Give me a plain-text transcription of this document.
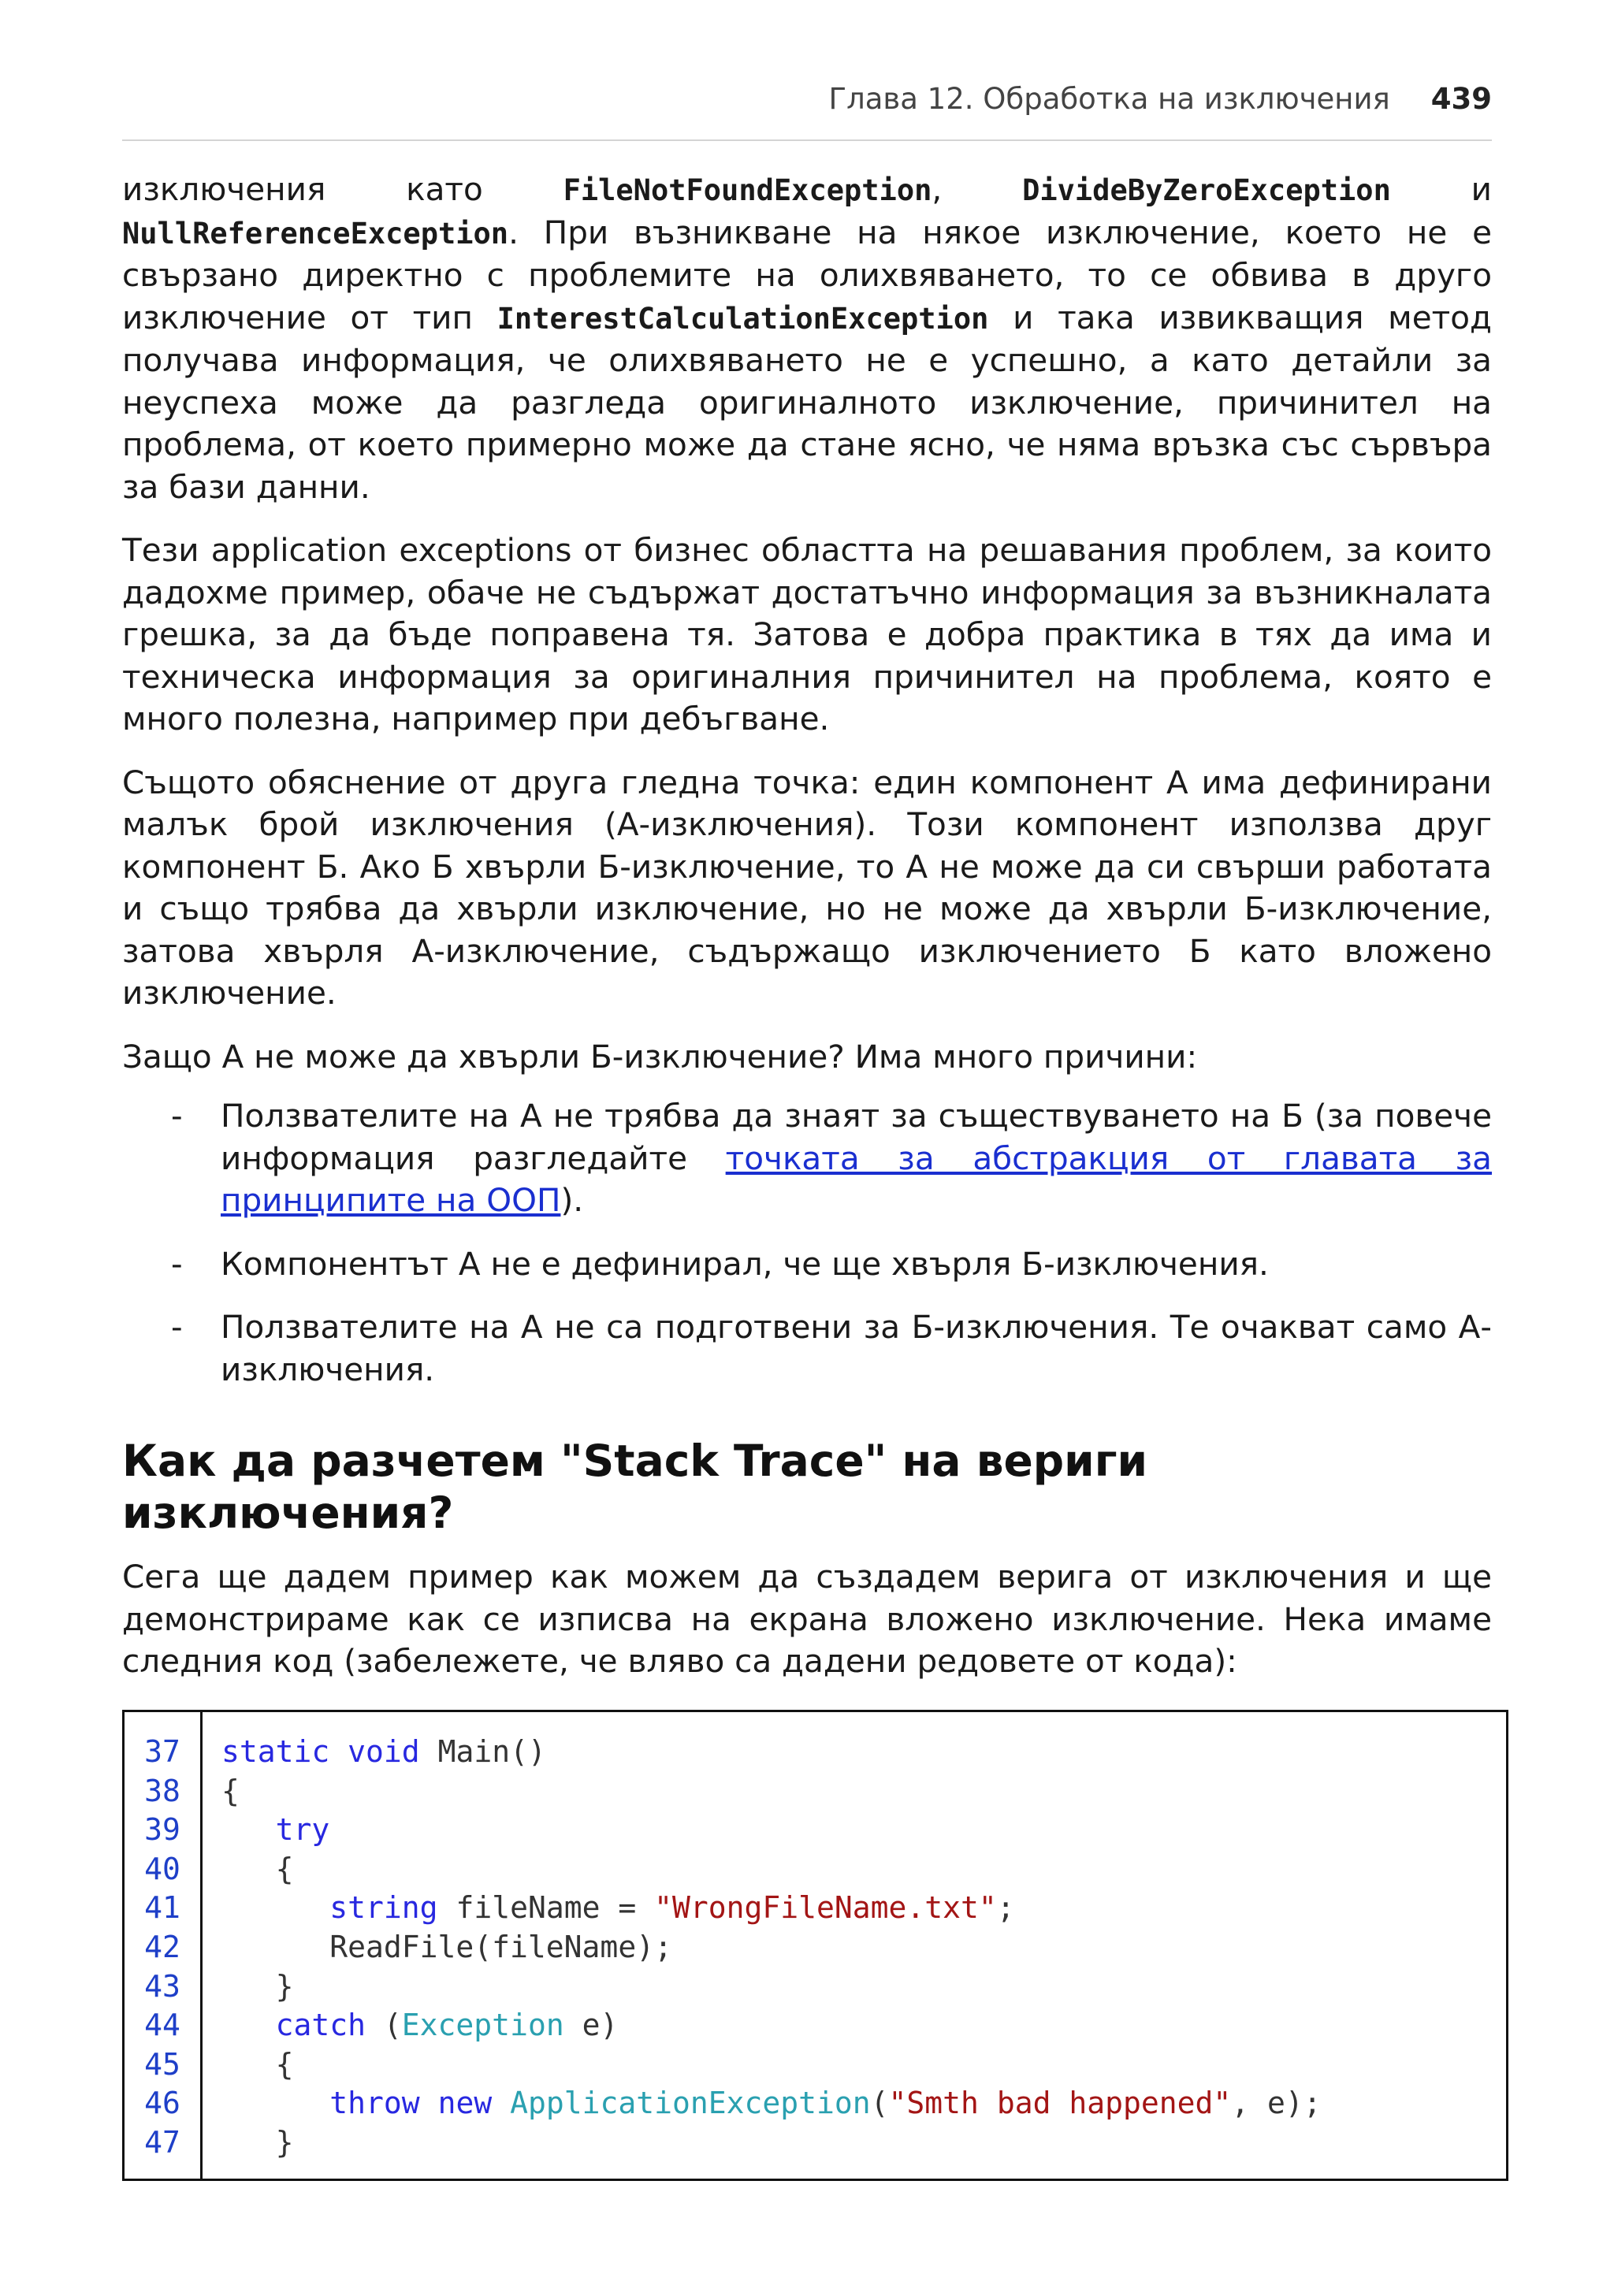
Глава 12. Обработка на изключения 439

изключения като FileNotFoundException, DivideByZeroException и NullReferenceException. При възникване на някое изключение, което не е свързано директно с проблемите на олихвяването, то се обвива в друго изключение от тип InterestCalculationException и така извикващия метод получава информация, че олихвяването не е успешно, а като детайли за неуспеха може да разгледа оригиналното изключение, причинител на проблема, от което примерно може да стане ясно, че няма връзка със сървъра за бази данни.

Тези application exceptions от бизнес областта на решавания проблем, за които дадохме пример, обаче не съдържат достатъчно информация за възникналата грешка, за да бъде поправена тя. Затова е добра практика в тях да има и техническа информация за оригиналния причинител на проблема, която е много полезна, например при дебъгване.

Същото обяснение от друга гледна точка: един компонент А има дефинирани малък брой изключения (А-изключения). Този компонент използва друг компонент Б. Ако Б хвърли Б-изключение, то А не може да си свърши работата и също трябва да хвърли изключение, но не може да хвърли Б-изключение, затова хвърля А-изключение, съдържащо изключението Б като вложено изключение.

Защо А не може да хвърли Б-изключение? Има много причини:

- Ползвателите на А не трябва да знаят за съществуването на Б (за повече информация разгледайте точката за абстракция от главата за принципите на ООП).
- Компонентът А не е дефинирал, че ще хвърля Б-изключения.
- Ползвателите на А не са подготвени за Б-изключения. Те очакват само А-изключения.
Как да разчетем "Stack Trace" на вериги изключения?

Сега ще дадем пример как можем да създадем верига от изключения и ще демонстрираме как се изписва на екрана вложено изключение. Нека имаме следния код (забележете, че вляво са дадени редовете от кода):

37
38
39
40
41
42
43
44
45
46
47
static void Main()
{
try
{
string fileName = "WrongFileName.txt";
ReadFile(fileName);
}
catch (Exception e)
{
throw new ApplicationException("Smth bad happened", e);
}
